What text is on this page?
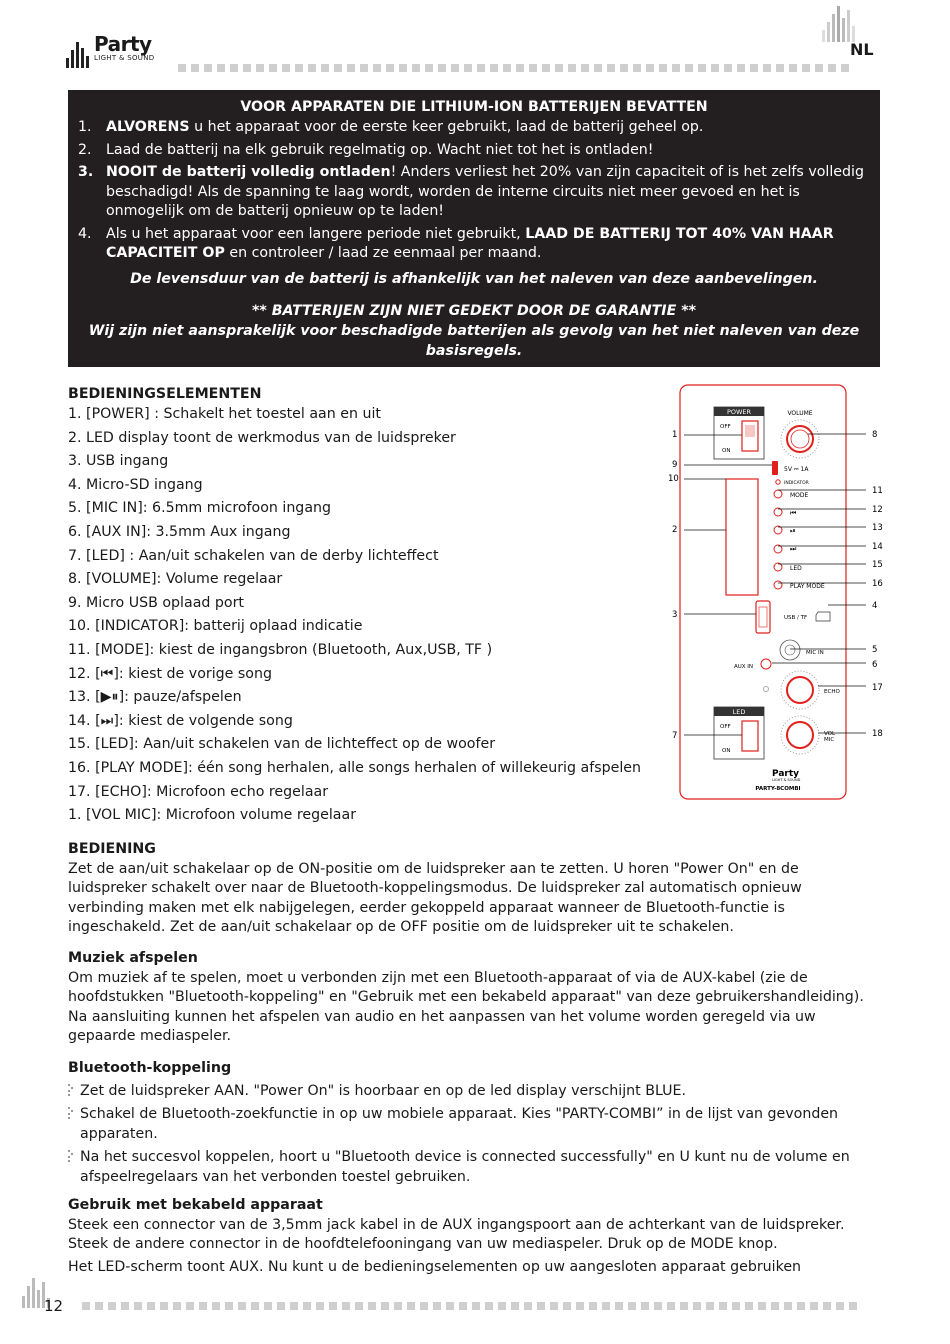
Party
LIGHT & SOUND	NL
VOOR APPARATEN DIE LITHIUM-ION BATTERIJEN BEVATTEN
1. ALVORENS u het apparaat voor de eerste keer gebruikt, laad de batterij geheel op.
2. Laad de batterij na elk gebruik regelmatig op. Wacht niet tot het is ontladen!
3. NOOIT de batterij volledig ontladen! Anders verliest het 20% van zijn capaciteit of is het zelfs volledig beschadigd! Als de spanning te laag wordt, worden de interne circuits niet meer gevoed en het is onmogelijk om de batterij opnieuw op te laden!
4. Als u het apparaat voor een langere periode niet gebruikt, LAAD DE BATTERIJ TOT 40% VAN HAAR CAPACITEIT OP en controleer / laad ze eenmaal per maand.
De levensduur van de batterij is afhankelijk van het naleven van deze aanbevelingen.
** BATTERIJEN ZIJN NIET GEDEKT DOOR DE GARANTIE **
Wij zijn niet aansprakelijk voor beschadigde batterijen als gevolg van het niet naleven van deze basisregels.
BEDIENINGSELEMENTEN
1. [POWER] : Schakelt het toestel aan en uit
2. LED display toont de werkmodus van de luidspreker
3. USB ingang
4. Micro-SD ingang
5. [MIC IN]: 6.5mm microfoon ingang
6. [AUX IN]: 3.5mm Aux ingang
7. [LED] : Aan/uit schakelen van de derby lichteffect
8. [VOLUME]: Volume regelaar
9. Micro USB oplaad port
10. [INDICATOR]: batterij oplaad indicatie
11. [MODE]: kiest de ingangsbron (Bluetooth, Aux,USB, TF )
12. [⏮]: kiest de vorige song
13. [▶⏸]: pauze/afspelen
14. [⏭]: kiest de volgende song
15. [LED]: Aan/uit schakelen van de lichteffect op de woofer
16. [PLAY MODE]: één song herhalen, alle songs herhalen of willekeurig afspelen
17. [ECHO]: Microfoon echo regelaar
1. [VOL MIC]: Microfoon volume regelaar
POWER
OFF
ON
VOLUME
5V ⎓ 1A
INDICATOR
MODE
⏮
⏯
⏭
LED
PLAY MODE
USB / TF
MIC IN
AUX IN
ECHO
LED
OFF
ON
VOL
MIC
Party
LIGHT & SOUND
PARTY-8COMBI
1
9
10
2
3
7
8
11
12
13
14
15
16
4
5
6
17
18
BEDIENING

Zet de aan/uit schakelaar op de ON-positie om de luidspreker aan te zetten. U horen "Power On" en de luidspreker schakelt over naar de Bluetooth-koppelingsmodus. De luidspreker zal automatisch opnieuw verbinding maken met elk nabijgelegen, eerder gekoppeld apparaat wanneer de Bluetooth-functie is ingeschakeld. Zet de aan/uit schakelaar op de OFF positie om de luidspreker uit te schakelen.

Muziek afspelen

Om muziek af te spelen, moet u verbonden zijn met een Bluetooth-apparaat of via de AUX-kabel (zie de hoofdstukken "Bluetooth-koppeling" en "Gebruik met een bekabeld apparaat" van deze gebruikershandleiding). Na aansluiting kunnen het afspelen van audio en het aanpassen van het volume worden geregeld via uw gepaarde mediaspeler.

Bluetooth-koppeling
Zet de luidspreker AAN. "Power On" is hoorbaar en op de led display verschijnt BLUE.
Schakel de Bluetooth-zoekfunctie in op uw mobiele apparaat. Kies "PARTY-COMBI” in de lijst van gevonden apparaten.
Na het succesvol koppelen, hoort u "Bluetooth device is connected successfully" en U kunt nu de volume en afspeelregelaars van het verbonden toestel gebruiken.
Gebruik met bekabeld apparaat

Steek een connector van de 3,5mm jack kabel in de AUX ingangspoort aan de achterkant van de luidspreker. Steek de andere connector in de hoofdtelefooningang van uw mediaspeler. Druk op de MODE knop.

Het LED-scherm toont AUX. Nu kunt u de bedieningselementen op uw aangesloten apparaat gebruiken

12
